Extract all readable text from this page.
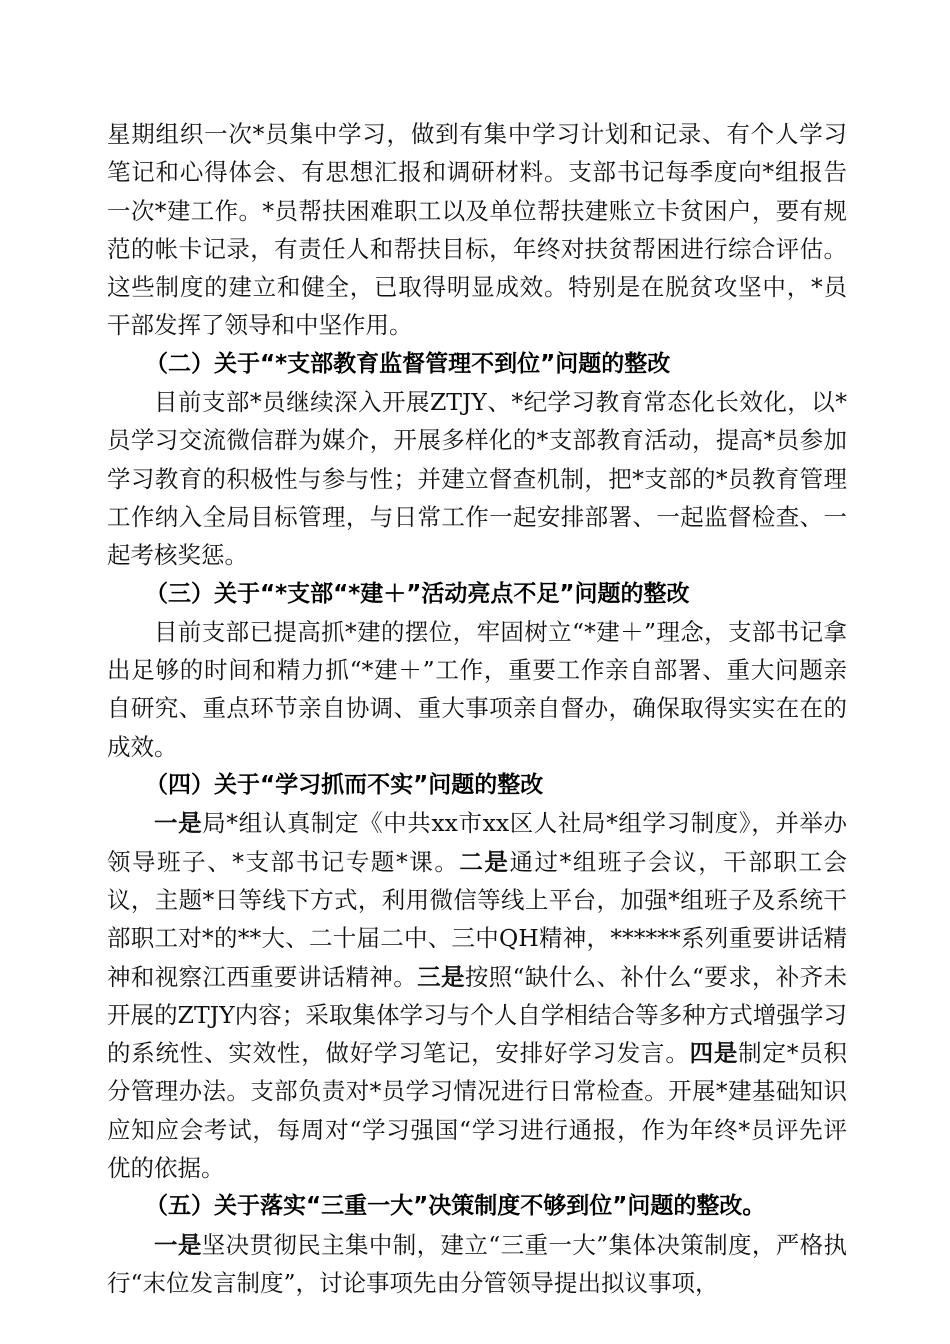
星期组织一次*员集中学习，做到有集中学习计划和记录、有个人学习笔记和心得体会、有思想汇报和调研材料。支部书记每季度向*组报告一次*建工作。*员帮扶困难职工以及单位帮扶建账立卡贫困户，要有规范的帐卡记录，有责任人和帮扶目标，年终对扶贫帮困进行综合评估。这些制度的建立和健全，已取得明显成效。特别是在脱贫攻坚中，*员干部发挥了领导和中坚作用。

（二）关于“*支部教育监督管理不到位”问题的整改

目前支部*员继续深入开展ZTJY、*纪学习教育常态化长效化，以*员学习交流微信群为媒介，开展多样化的*支部教育活动，提高*员参加学习教育的积极性与参与性；并建立督查机制，把*支部的*员教育管理工作纳入全局目标管理，与日常工作一起安排部署、一起监督检查、一起考核奖惩。

（三）关于“*支部“*建＋”活动亮点不足”问题的整改

目前支部已提高抓*建的摆位，牢固树立“*建＋”理念，支部书记拿出足够的时间和精力抓“*建＋”工作，重要工作亲自部署、重大问题亲自研究、重点环节亲自协调、重大事项亲自督办，确保取得实实在在的成效。

（四）关于“学习抓而不实”问题的整改

一是局*组认真制定《中共xx市xx区人社局*组学习制度》，并举办领导班子、*支部书记专题*课。二是通过*组班子会议，干部职工会议，主题*日等线下方式，利用微信等线上平台，加强*组班子及系统干部职工对*的**大、二十届二中、三中QH精神，******系列重要讲话精神和视察江西重要讲话精神。三是按照“缺什么、补什么“要求，补齐未开展的ZTJY内容；采取集体学习与个人自学相结合等多种方式增强学习的系统性、实效性，做好学习笔记，安排好学习发言。四是制定*员积分管理办法。支部负责对*员学习情况进行日常检查。开展*建基础知识应知应会考试，每周对“学习强国“学习进行通报，作为年终*员评先评优的依据。

（五）关于落实“三重一大”决策制度不够到位”问题的整改。

一是坚决贯彻民主集中制，建立“三重一大”集体决策制度，严格执行“末位发言制度”，讨论事项先由分管领导提出拟议事项，
